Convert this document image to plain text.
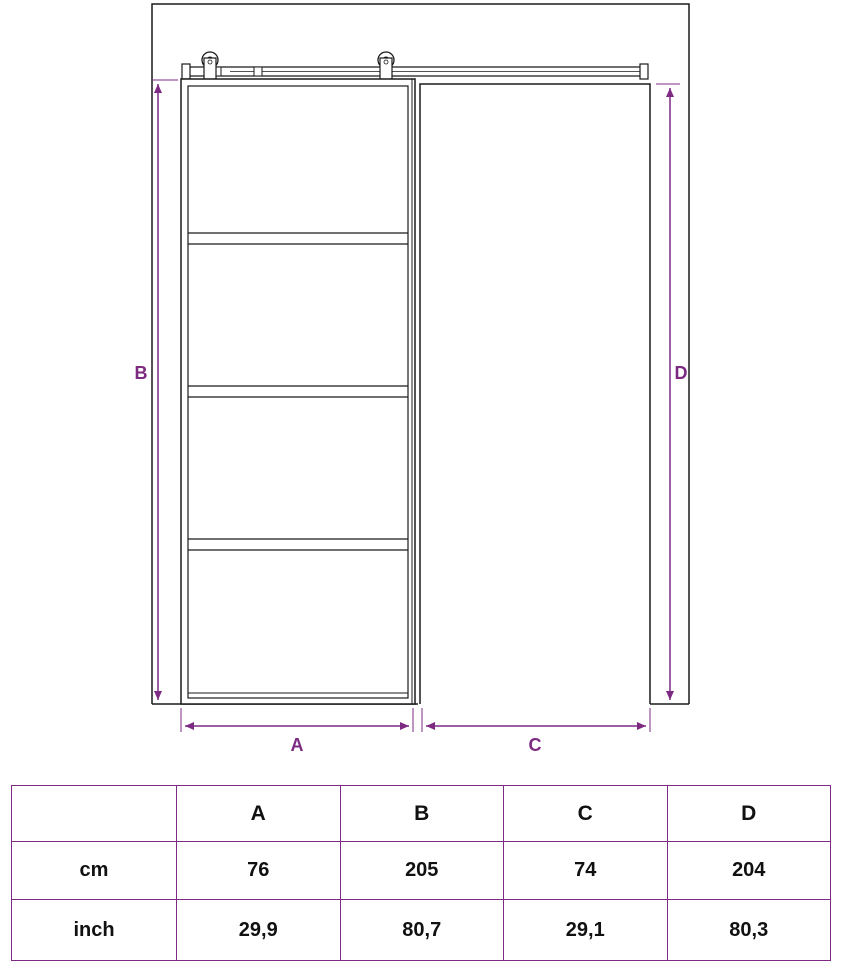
B	D
A	C
	A	B	C	D
cm	76	205	74	204
inch	29,9	80,7	29,1	80,3
